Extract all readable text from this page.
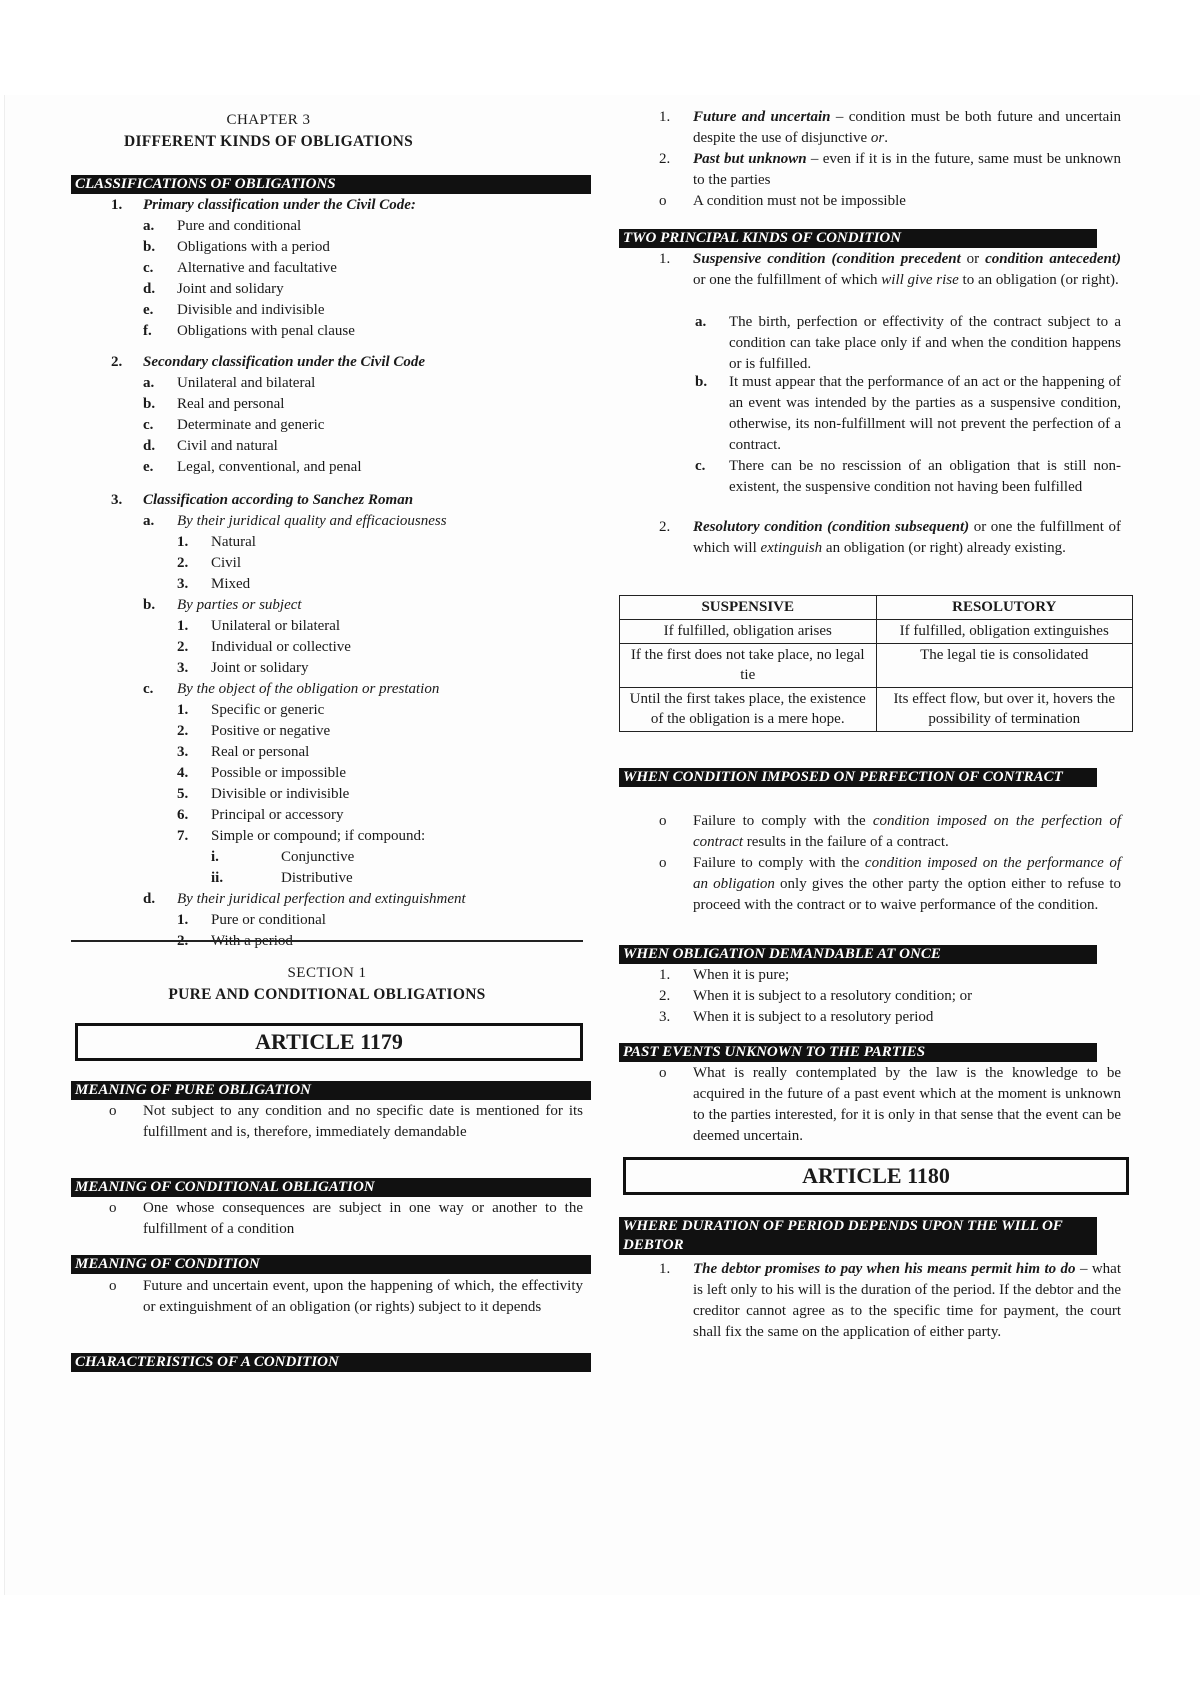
CHAPTER 3
DIFFERENT KINDS OF OBLIGATIONS
CLASSIFICATIONS OF OBLIGATIONS
1.	Primary classification under the Civil Code:
a. Pure and conditional
b. Obligations with a period
c. Alternative and facultative
d. Joint and solidary
e. Divisible and indivisible
f. Obligations with penal clause
2.	Secondary classification under the Civil Code
a. Unilateral and bilateral
b. Real and personal
c. Determinate and generic
d. Civil and natural
e. Legal, conventional, and penal
3.	Classification according to Sanchez Roman
a. By their juridical quality and efficaciousness
1. Natural
2. Civil
3. Mixed
b. By parties or subject
1. Unilateral or bilateral
2. Individual or collective
3. Joint or solidary
c. By the object of the obligation or prestation
1. Specific or generic
2. Positive or negative
3. Real or personal
4. Possible or impossible
5. Divisible or indivisible
6. Principal or accessory
7. Simple or compound; if compound:
i.	Conjunctive
ii.	Distributive
d. By their juridical perfection and extinguishment
1. Pure or conditional
2. With a period
SECTION 1
PURE AND CONDITIONAL OBLIGATIONS
ARTICLE 1179
MEANING OF PURE OBLIGATION
o Not subject to any condition and no specific date is mentioned for its fulfillment and is, therefore, immediately demandable
MEANING OF CONDITIONAL OBLIGATION
o One whose consequences are subject in one way or another to the fulfillment of a condition
MEANING OF CONDITION
o Future and uncertain event, upon the happening of which, the effectivity or extinguishment of an obligation (or rights) subject to it depends
CHARACTERISTICS OF A CONDITION
1. Future and uncertain – condition must be both future and uncertain despite the use of disjunctive or.
2. Past but unknown – even if it is in the future, same must be unknown to the parties
o A condition must not be impossible
TWO PRINCIPAL KINDS OF CONDITION
1. Suspensive condition (condition precedent or condition antecedent) or one the fulfillment of which will give rise to an obligation (or right).
a. The birth, perfection or effectivity of the contract subject to a condition can take place only if and when the condition happens or is fulfilled.
b. It must appear that the performance of an act or the happening of an event was intended by the parties as a suspensive condition, otherwise, its non-fulfillment will not prevent the perfection of a contract.
c. There can be no rescission of an obligation that is still non-existent, the suspensive condition not having been fulfilled
2. Resolutory condition (condition subsequent) or one the fulfillment of which will extinguish an obligation (or right) already existing.
SUSPENSIVE	RESOLUTORY
If fulfilled, obligation arises	If fulfilled, obligation extinguishes
If the first does not take place, no legal tie	The legal tie is consolidated
Until the first takes place, the existence of the obligation is a mere hope.	Its effect flow, but over it, hovers the possibility of termination
WHEN CONDITION IMPOSED ON PERFECTION OF CONTRACT
o Failure to comply with the condition imposed on the perfection of contract results in the failure of a contract.
o Failure to comply with the condition imposed on the performance of an obligation only gives the other party the option either to refuse to proceed with the contract or to waive performance of the condition.
WHEN OBLIGATION DEMANDABLE AT ONCE
1. When it is pure;
2. When it is subject to a resolutory condition; or
3. When it is subject to a resolutory period
PAST EVENTS UNKNOWN TO THE PARTIES
o What is really contemplated by the law is the knowledge to be acquired in the future of a past event which at the moment is unknown to the parties interested, for it is only in that sense that the event can be deemed uncertain.
ARTICLE 1180
WHERE DURATION OF PERIOD DEPENDS UPON THE WILL OF DEBTOR
1. The debtor promises to pay when his means permit him to do – what is left only to his will is the duration of the period. If the debtor and the creditor cannot agree as to the specific time for payment, the court shall fix the same on the application of either party.
